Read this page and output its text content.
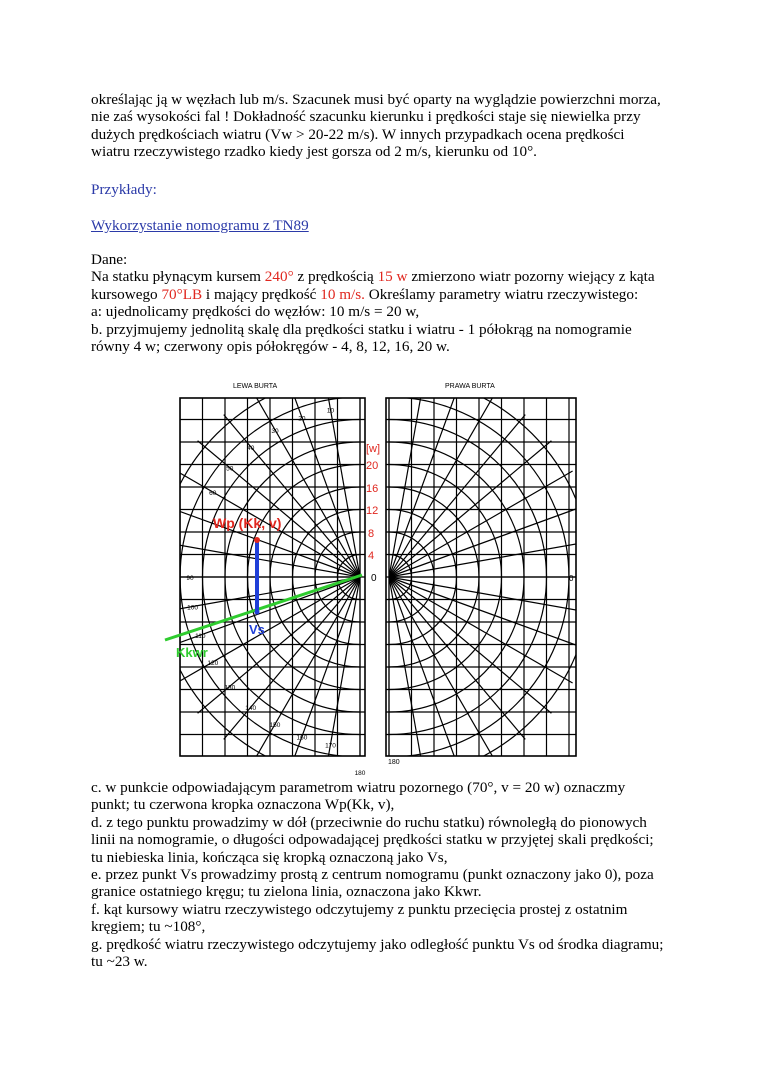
określając ją w węzłach lub m/s. Szacunek musi być oparty na wyglądzie powierzchni morza,

nie zaś wysokości fal ! Dokładność szacunku kierunku i prędkości staje się niewielka przy

dużych prędkościach wiatru (Vw > 20-22 m/s). W innych przypadkach ocena prędkości

wiatru rzeczywistego rzadko kiedy jest gorsza od 2 m/s, kierunku od 10°.

Przykłady:
Wykorzystanie nomogramu z TN89

Dane:

Na statku płynącym kursem 240° z prędkością 15 w zmierzono wiatr pozorny wiejący z kąta

kursowego 70°LB i mający prędkość 10 m/s. Określamy parametry wiatru rzeczywistego:

a: ujednolicamy prędkości do węzłów: 10 m/s = 20 w,

b. przyjmujemy jednolitą skalę dla prędkości statku i wiatru - 1 półokrąg na nomogramie

równy 4 w; czerwony opis półokręgów - 4, 8, 12, 16, 20 w.

10
20
30
40
50
60
90
100
110
120
130
140
150
160
170
180
LEWA BURTA	PRAWA BURTA
[w]
20
16
12
8
4
0	0
180
Wp (Kk, v)
Vs
Kkwr

c. w punkcie odpowiadającym parametrom wiatru pozornego (70°, v = 20 w) oznaczmy

punkt; tu czerwona kropka oznaczona Wp(Kk, v),

d. z tego punktu prowadzimy w dół (przeciwnie do ruchu statku) równoległą do pionowych

linii na nomogramie, o długości odpowadającej prędkości statku w przyjętej skali prędkości;

tu niebieska linia, kończąca się kropką oznaczoną jako Vs,

e. przez punkt Vs prowadzimy prostą z centrum nomogramu (punkt oznaczony jako 0), poza

granice ostatniego kręgu; tu zielona linia, oznaczona jako Kkwr.

f. kąt kursowy wiatru rzeczywistego odczytujemy z punktu przecięcia prostej z ostatnim

kręgiem; tu ~108°,

g. prędkość wiatru rzeczywistego odczytujemy jako odległość punktu Vs od środka diagramu;

tu ~23 w.
